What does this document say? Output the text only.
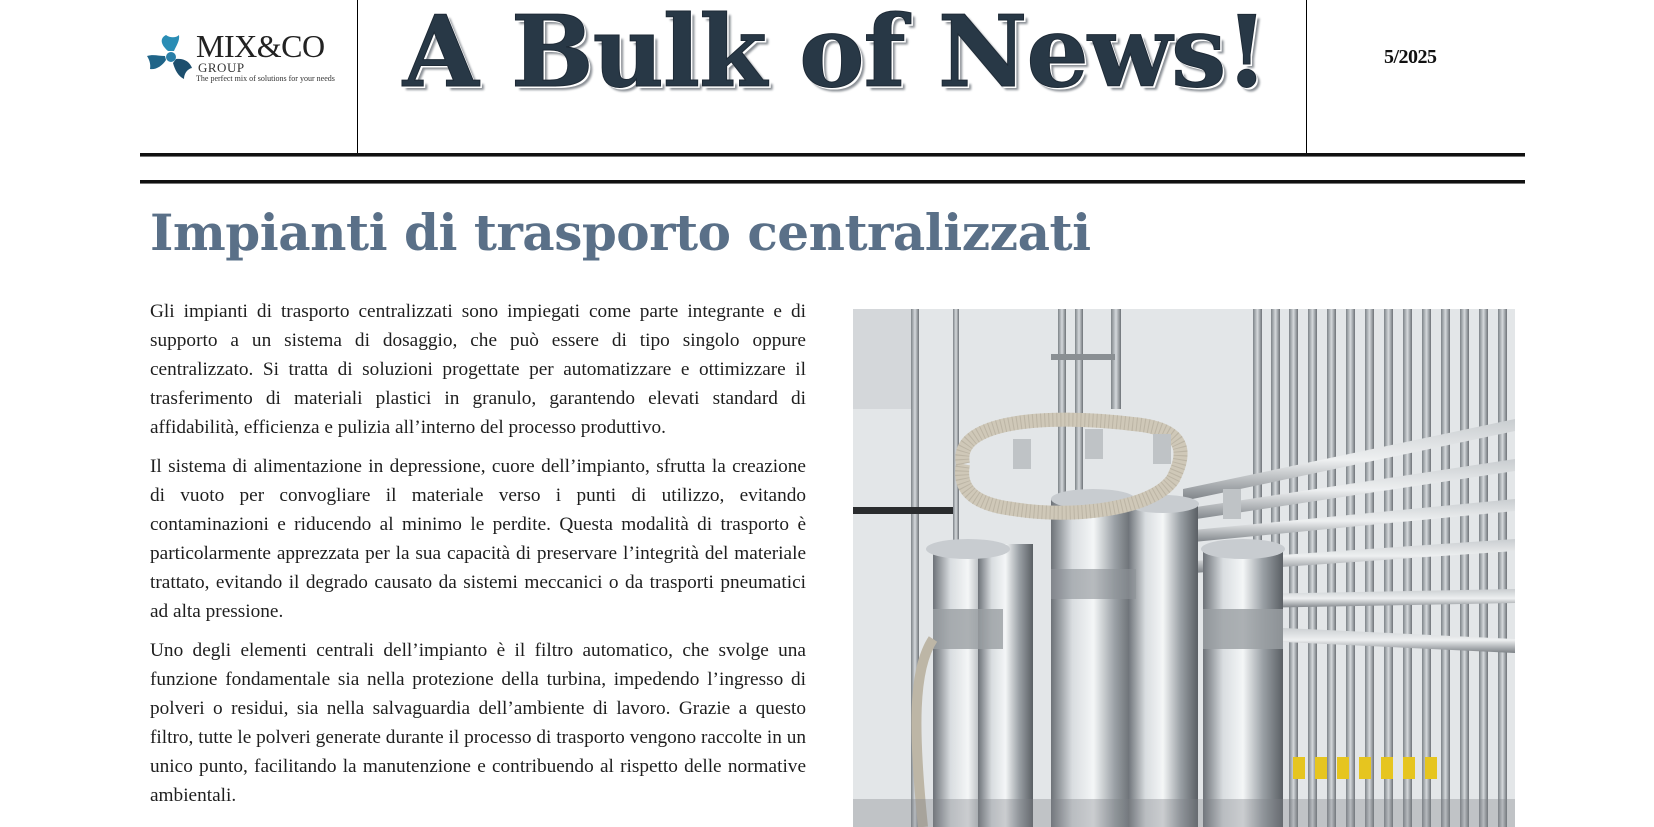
MIX&CO
GROUP
The perfect mix of solutions for your needs A Bulk of News!	5/2025
Impianti di trasporto centralizzati

Gli impianti di trasporto centralizzati sono impiegati come parte integrante e di supporto a un sistema di dosaggio, che può essere di tipo singolo oppure centralizzato. Si tratta di soluzioni progettate per automatizzare e ottimizzare il trasferimento di materiali plastici in granulo, garantendo elevati standard di affidabilità, efficienza e pulizia all’interno del processo produttivo.

Il sistema di alimentazione in depressione, cuore dell’impianto, sfrutta la creazione di vuoto per convogliare il materiale verso i punti di utilizzo, evitando contaminazioni e riducendo al minimo le perdite. Questa modalità di trasporto è particolarmente apprezzata per la sua capacità di preservare l’integrità del materiale trattato, evitando il degrado causato da sistemi meccanici o da trasporti pneumatici ad alta pressione.

Uno degli elementi centrali dell’impianto è il filtro automatico, che svolge una funzione fondamentale sia nella protezione della turbina, impedendo l’ingresso di polveri o residui, sia nella salvaguardia dell’ambiente di lavoro. Grazie a questo filtro, tutte le polveri generate durante il processo di trasporto vengono raccolte in un unico punto, facilitando la manutenzione e contribuendo al rispetto delle normative ambientali.
